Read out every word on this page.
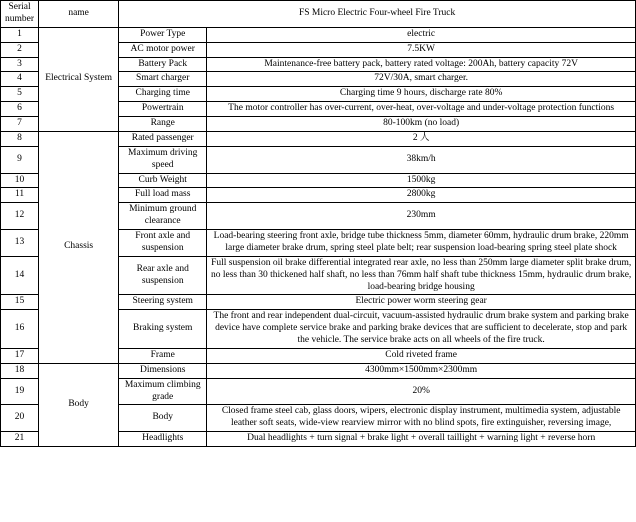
Serial number	name	FS Micro Electric Four-wheel Fire Truck	

1	Electrical System	Power Type	electric
2		AC motor power	7.5KW
3		Battery Pack	Maintenance-free battery pack, battery rated voltage: 200Ah, battery capacity 72V
4		Smart charger	72V/30A, smart charger.
5		Charging time	Charging time 9 hours, discharge rate 80%
6		Powertrain	The motor controller has over-current, over-heat, over-voltage and under-voltage protection functions
7		Range	80-100km (no load)
8	Chassis	Rated passenger	2 人
9		Maximum driving speed	38km/h
10		Curb Weight	1500kg
11		Full load mass	2800kg
12		Minimum ground clearance	230mm
13		Front axle and suspension	Load-bearing steering front axle, bridge tube thickness 5mm, diameter 60mm, hydraulic drum brake, 220mm large diameter brake drum, spring steel plate belt; rear suspension load-bearing spring steel plate shock
14		Rear axle and suspension	Full suspension oil brake differential integrated rear axle, no less than 250mm large diameter split brake drum, no less than 30 thickened half shaft, no less than 76mm half shaft tube thickness 15mm, hydraulic drum brake, load-bearing bridge housing
15		Steering system	Electric power worm steering gear
16		Braking system	The front and rear independent dual-circuit, vacuum-assisted hydraulic drum brake system and parking brake device have complete service brake and parking brake devices that are sufficient to decelerate, stop and park the vehicle. The service brake acts on all wheels of the fire truck.
17		Frame	Cold riveted frame
18	Body	Dimensions	4300mm×1500mm×2300mm
19		Maximum climbing grade	20%
20		Body	Closed frame steel cab, glass doors, wipers, electronic display instrument, multimedia system, adjustable leather soft seats, wide-view rearview mirror with no blind spots, fire extinguisher, reversing image,
21		Headlights	Dual headlights + turn signal + brake light + overall taillight + warning light + reverse horn
